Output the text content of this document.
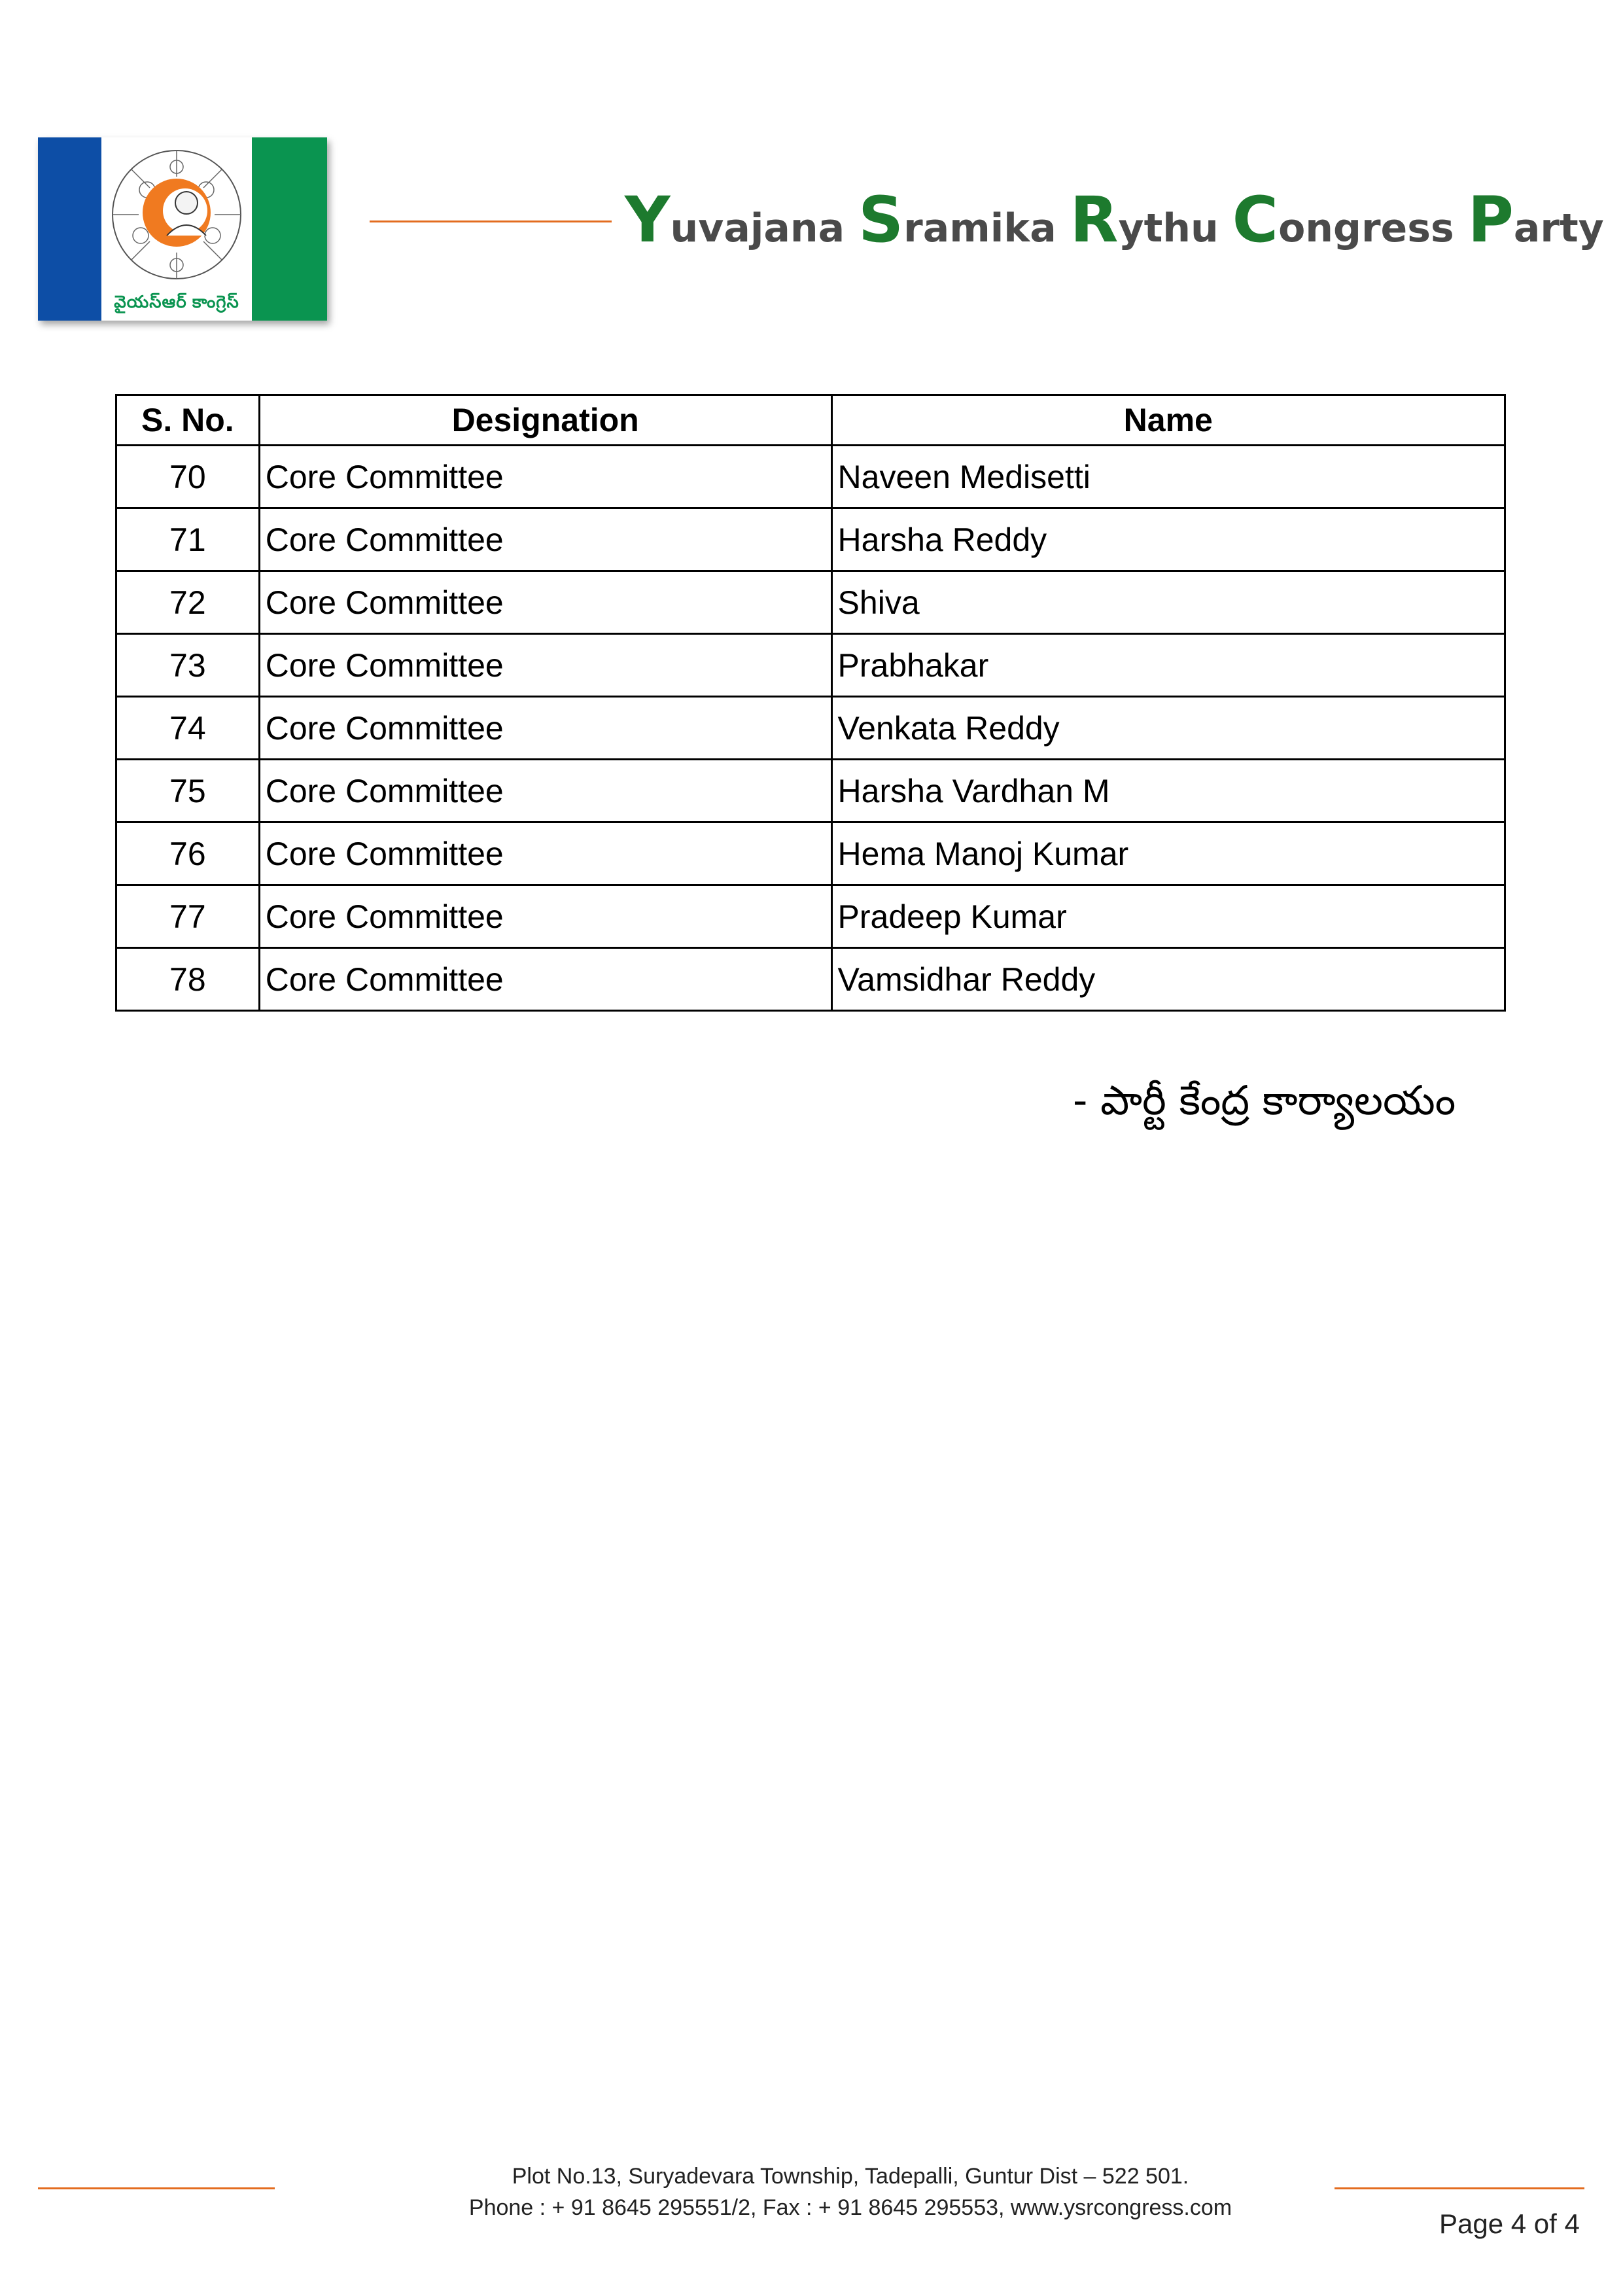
వైయస్ఆర్ కాంగ్రెస్
Yuvajana Sramika Rythu Congress Party
S. No.	Designation	Name
70	Core Committee	Naveen Medisetti
71	Core Committee	Harsha Reddy
72	Core Committee	Shiva
73	Core Committee	Prabhakar
74	Core Committee	Venkata Reddy
75	Core Committee	Harsha Vardhan M
76	Core Committee	Hema Manoj Kumar
77	Core Committee	Pradeep Kumar
78	Core Committee	Vamsidhar Reddy
- పార్టీ కేంద్ర కార్యాలయం
Plot No.13, Suryadevara Township, Tadepalli, Guntur Dist – 522 501.
Phone : + 91 8645 295551/2, Fax : + 91 8645 295553, www.ysrcongress.com
Page 4 of 4
